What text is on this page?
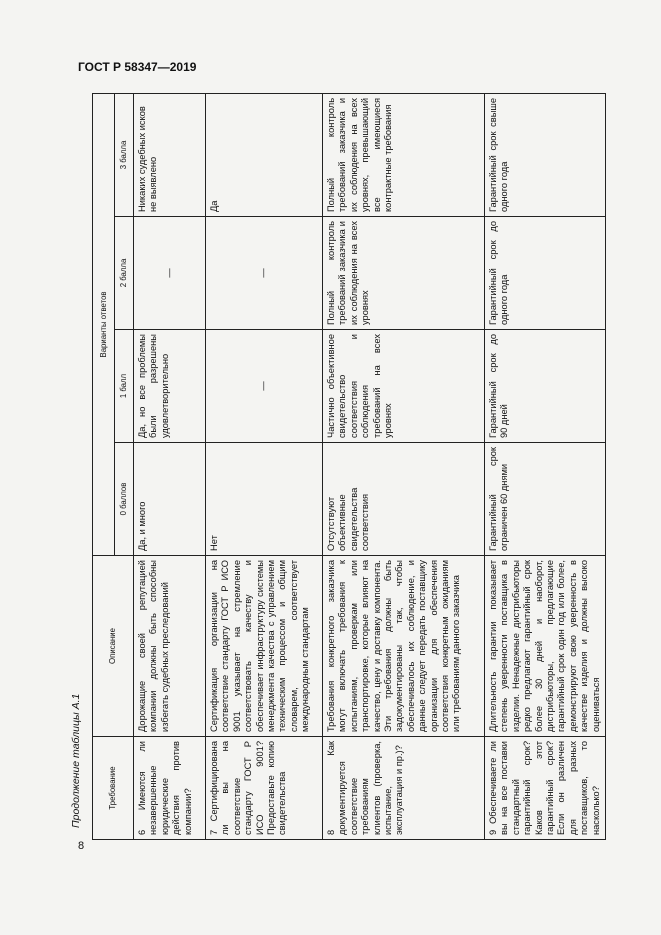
ГОСТ Р 58347—2019
Продолжение таблицы А.1	Требование	Описание	Варианты ответов			
		0 баллов	1 балл	2 балла	3 балла
6 Имеются ли незавершенные юридические действия против компании?	Дорожащие своей репутацией компании должны быть способны избегать судебных преследований	Да, и много	Да, но все проблемы были разрешены удовлетворительно	—	Никаких судебных исков не выявлено
7 Сертифицирована ли вы на соответствие стандарту ГОСТ Р ИСО 9001? Предоставьте копию свидетельства	Сертификация организации на соответствие стандарту ГОСТ Р ИСО 9001 указывает на стремление соответствовать качеству и обеспечивает инфраструктуру системы менеджмента качества с управлением техническим процессом и общим словарем, соответствует международным стандартам	Нет	—	—	Да
8 Как документируется соответствие требованиям клиентов (проверка, испытание, эксплуатация и пр.)?	Требования конкретного заказчика могут включать требования к испытаниям, проверкам или транспортировке, которые влияют на качество, цену и доставку компонента. Эти требования должны быть задокументированы так, чтобы обеспечивалось их соблюдение, и данные следует передать поставщику организации для обеспечения соответствия конкретным ожиданиям или требованиям данного заказчика	Отсутствуют объективные свидетельства соответствия	Частично объективное свидетельство соответствия и соблюдения требований на всех уровнях	Полный контроль требований заказчика и их соблюдения на всех уровнях	Полный контроль требований заказчика и их соблюдения на всех уровнях, превышающий все имеющиеся контрактные требования
9 Обеспечиваете ли вы на все поставки стандартный гарантийный срок? Каков этот гарантийный срок? Если он различен для разных поставщиков, то насколько?	Длительность гарантии показывает степень уверенности поставщика в изделии. Ненадежные дистрибьюторы редко предлагают гарантийный срок более 30 дней и наоборот, дистрибьюторы, предлагающие гарантийный срок один год или более, демонстрируют свою уверенность в качестве изделия и должны высоко оцениваться	Гарантийный срок ограничен 60 днями	Гарантийный срок до 90 дней	Гарантийный срок до одного года	Гарантийный срок свыше одного года
8
